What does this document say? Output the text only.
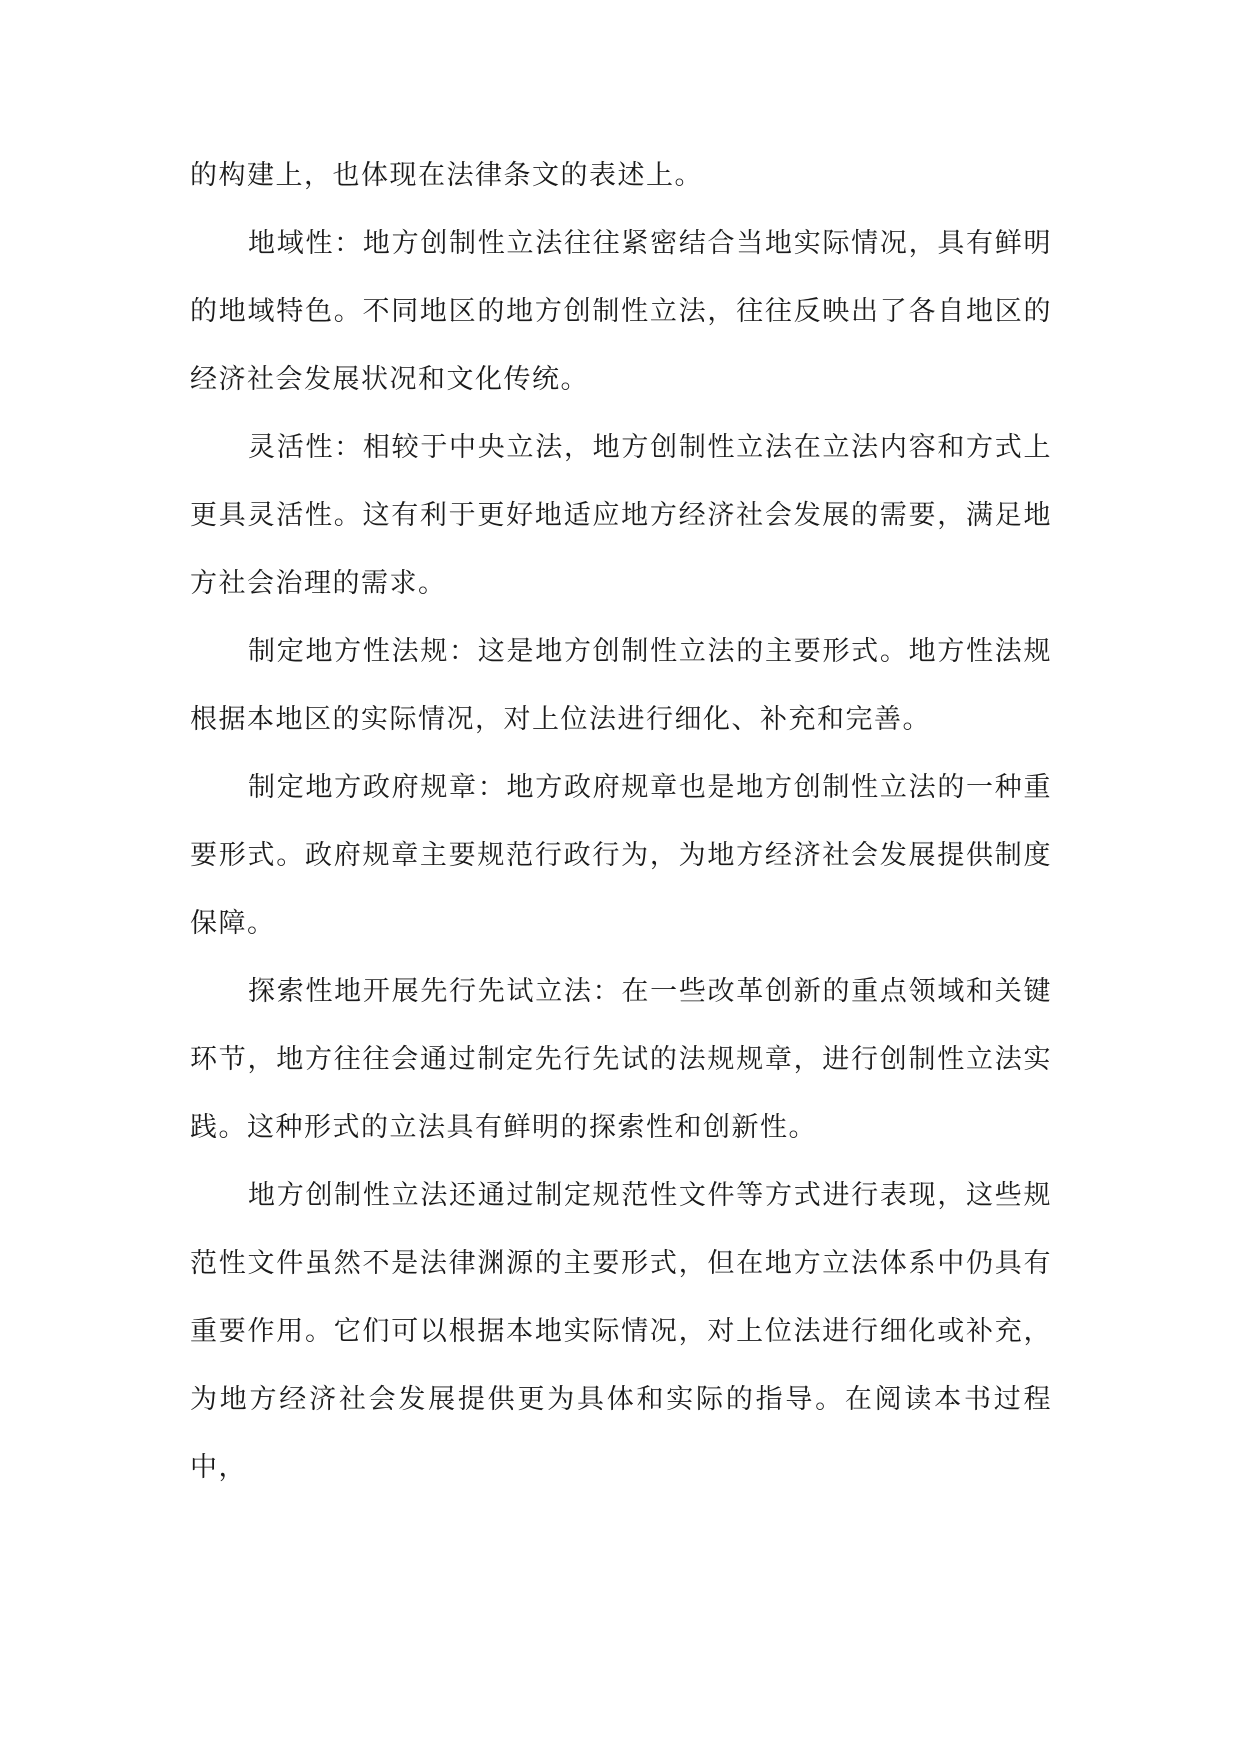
的构建上，也体现在法律条文的表述上。

地域性：地方创制性立法往往紧密结合当地实际情况，具有鲜明的地域特色。不同地区的地方创制性立法，往往反映出了各自地区的经济社会发展状况和文化传统。

灵活性：相较于中央立法，地方创制性立法在立法内容和方式上更具灵活性。这有利于更好地适应地方经济社会发展的需要，满足地方社会治理的需求。

制定地方性法规：这是地方创制性立法的主要形式。地方性法规根据本地区的实际情况，对上位法进行细化、补充和完善。

制定地方政府规章：地方政府规章也是地方创制性立法的一种重要形式。政府规章主要规范行政行为，为地方经济社会发展提供制度保障。

探索性地开展先行先试立法：在一些改革创新的重点领域和关键环节，地方往往会通过制定先行先试的法规规章，进行创制性立法实践。这种形式的立法具有鲜明的探索性和创新性。

地方创制性立法还通过制定规范性文件等方式进行表现，这些规范性文件虽然不是法律渊源的主要形式，但在地方立法体系中仍具有重要作用。它们可以根据本地实际情况，对上位法进行细化或补充，为地方经济社会发展提供更为具体和实际的指导。在阅读本书过程中，
